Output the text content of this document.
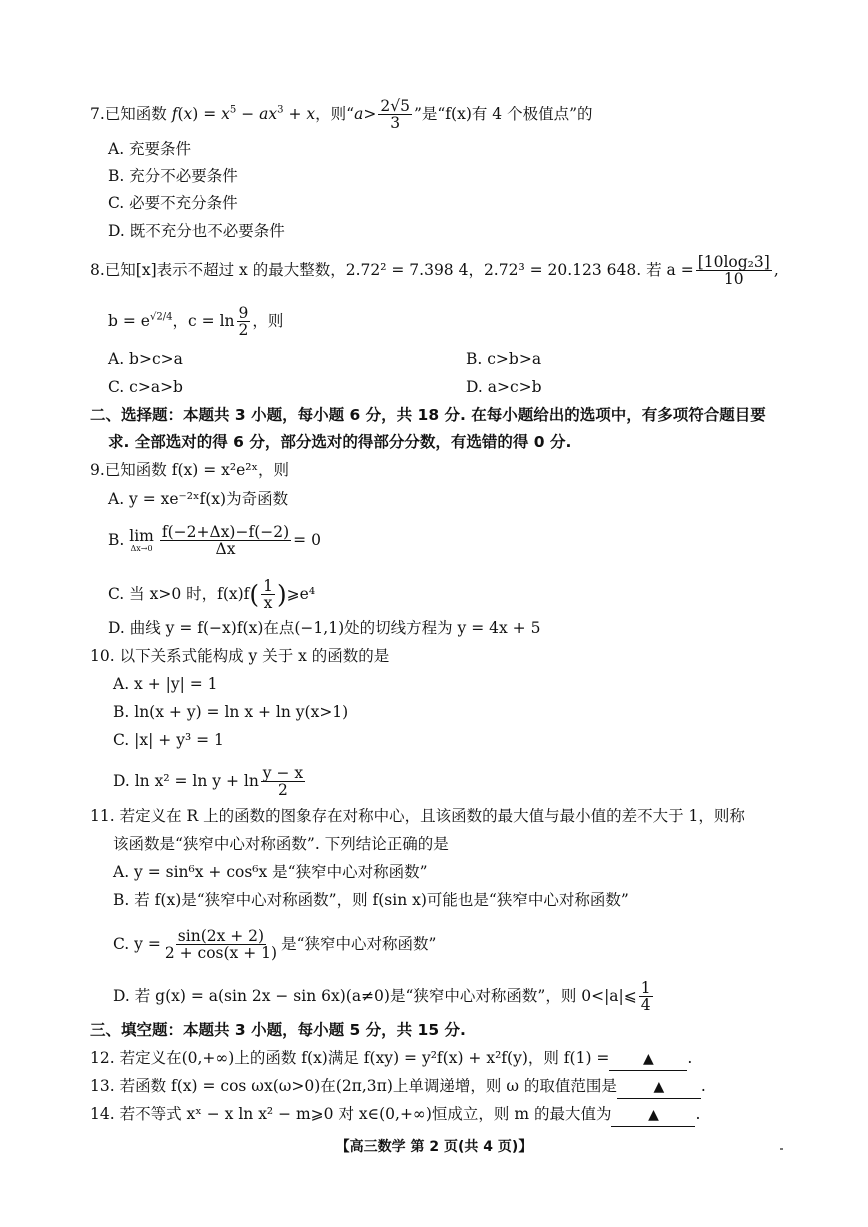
7.已知函数 $f(x) = x^5 - ax^3 + x$，则“$a> \frac{2√5}{3}$ ”是“f(x)有 4 个极值点”的
A. 充要条件
B. 充分不必要条件
C. 必要不充分条件
D. 既不充分也不必要条件
8.已知[x]表示不超过 x 的最大整数，2.72² = 7.398 4，2.72³ = 20.123 648. 若 $a = \frac{\text{[10log₂3]}}{10}$ ,
$b = e^{√2/4}$，$c = \ln \frac{9}{2}$ ，则
A. b>c>a	B. c>b>a
C. c>a>b	D. a>c>b
二、选择题：本题共 3 小题，每小题 6 分，共 18 分. 在每小题给出的选项中，有多项符合题目要
求. 全部选对的得 6 分，部分选对的得部分分数，有选错的得 0 分.
9.已知函数 f(x) = x²e²ˣ，则
A. y = xe⁻²ˣf(x)为奇函数
B. lim
$\Delta x\to 0 \frac{f(-2+\Delta x)-f(-2)}{\Delta x} = 0$
C. 当 x>0 时，$f(x)f( \frac{1}{x}$ )⩾e⁴
D. 曲线 y = f(−x)f(x)在点(−1,1)处的切线方程为 y = 4x + 5
10. 以下关系式能构成 y 关于 x 的函数的是
A. x + |y| = 1
B. ln(x + y) = ln x + ln y(x>1)
C. |x| + y³ = 1
D. $\ln x^2 = \ln y + \ln \frac{y - x}{2}$
11. 若定义在 R 上的函数的图象存在对称中心，且该函数的最大值与最小值的差不大于 1，则称
该函数是“狭窄中心对称函数”. 下列结论正确的是
A. y = sin⁶x + cos⁶x 是“狭窄中心对称函数”
B. 若 f(x)是“狭窄中心对称函数”，则 f(sin x)可能也是“狭窄中心对称函数”
C. $y = \frac{\sin(2x + 2)}{2 + \cos(x + 1)}$ 是“狭窄中心对称函数”
D. 若 g(x) = a(sin 2x − sin 6x)(a≠0)是“狭窄中心对称函数”，则 0<|a|⩽ $\frac{1}{4}$
三、填空题：本题共 3 小题，每小题 5 分，共 15 分.
12. 若定义在(0,+∞)上的函数 f(x)满足 f(xy) = y²f(x) + x²f(y)，则 f(1) = ▲ .
13. 若函数 f(x) = cos ωx(ω>0)在(2π,3π)上单调递增，则 ω 的取值范围是	▲ .
14. 若不等式 xˣ − x ln x² − m⩾0 对 x∈(0,+∞)恒成立，则 m 的最大值为	▲ .
【高三数学 第 2 页(共 4 页)】
